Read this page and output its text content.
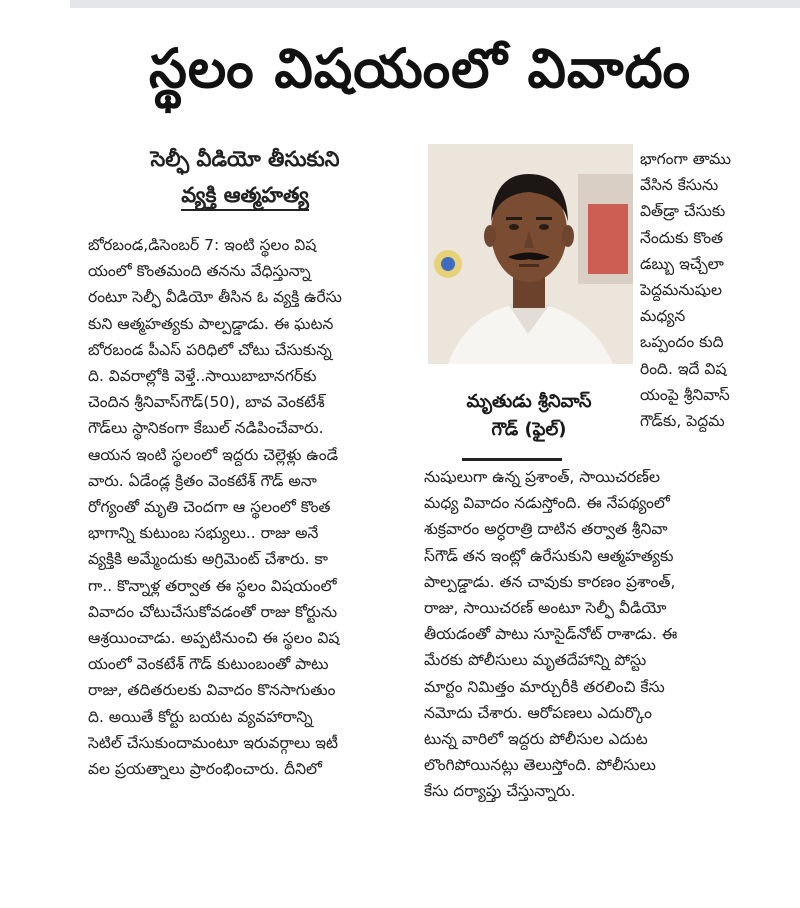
స్థలం విషయంలో వివాదం
సెల్ఫీ వీడియో తీసుకుని
వ్యక్తి ఆత్మహత్య
బోరబండ,డిసెంబర్ 7: ఇంటి స్థలం విష
యంలో కొంతమంది తనను వేధిస్తున్నా
రంటూ సెల్ఫీ వీడియో తీసిన ఓ వ్యక్తి ఉరేసు
కుని ఆత్మహత్యకు పాల్పడ్డాడు. ఈ ఘటన
బోరబండ పీఎస్ పరిధిలో చోటు చేసుకున్న
ది. వివరాల్లోకి వెళ్తే..సాయిబాబానగర్‌కు
చెందిన శ్రీనివాస్‌గౌడ్(50), బావ వెంకటేశ్
గౌడ్‌లు స్థానికంగా కేబుల్ నడిపించేవారు.
ఆయన ఇంటి స్థలంలో ఇద్దరు చెల్లెళ్లు ఉండే
వారు. ఏడేండ్ల క్రితం వెంకటేశ్ గౌడ్ అనా
రోగ్యంతో మృతి చెందగా ఆ స్థలంలో కొంత
భాగాన్ని కుటుంబ సభ్యులు.. రాజు అనే
వ్యక్తికి అమ్మేందుకు అగ్రిమెంట్ చేశారు. కా
గా.. కొన్నాళ్ల తర్వాత ఈ స్థలం విషయంలో
వివాదం చోటుచేసుకోవడంతో రాజు కోర్టును
ఆశ్రయించాడు. అప్పటినుంచి ఈ స్థలం విష
యంలో వెంకటేశ్ గౌడ్ కుటుంబంతో పాటు
రాజు, తదితరులకు వివాదం కొనసాగుతుం
ది. అయితే కోర్టు బయట వ్యవహారాన్ని
సెటిల్ చేసుకుందామంటూ ఇరువర్గాలు ఇటీ
వల ప్రయత్నాలు ప్రారంభించారు. దీనిలో
మృతుడు శ్రీనివాస్
గౌడ్ (ఫైల్)
భాగంగా తాము
వేసిన కేసును
విత్‌డ్రా చేసుకు
నేందుకు కొంత
డబ్బు ఇచ్చేలా
పెద్దమనుషుల
మధ్యన
ఒప్పందం కుది
రింది. ఇదే విష
యంపై శ్రీనివాస్
గౌడ్‌కు, పెద్దమ
నుషులుగా ఉన్న ప్రశాంత్, సాయిచరణ్‌ల
మధ్య వివాదం నడుస్తోంది. ఈ నేపథ్యంలో
శుక్రవారం అర్ధరాత్రి దాటిన తర్వాత శ్రీనివా
స్‌గౌడ్ తన ఇంట్లో ఉరేసుకుని ఆత్మహత్యకు
పాల్పడ్డాడు. తన చావుకు కారణం ప్రశాంత్,
రాజు, సాయిచరణ్ అంటూ సెల్ఫీ వీడియో
తీయడంతో పాటు సూసైడ్‌నోట్ రాశాడు. ఈ
మేరకు పోలీసులు మృతదేహాన్ని పోస్టు
మార్టం నిమిత్తం మార్చురీకి తరలించి కేసు
నమోదు చేశారు. ఆరోపణలు ఎదుర్కొం
టున్న వారిలో ఇద్దరు పోలీసుల ఎదుట
లొంగిపోయినట్లు తెలుస్తోంది. పోలీసులు
కేసు దర్యాప్తు చేస్తున్నారు.
